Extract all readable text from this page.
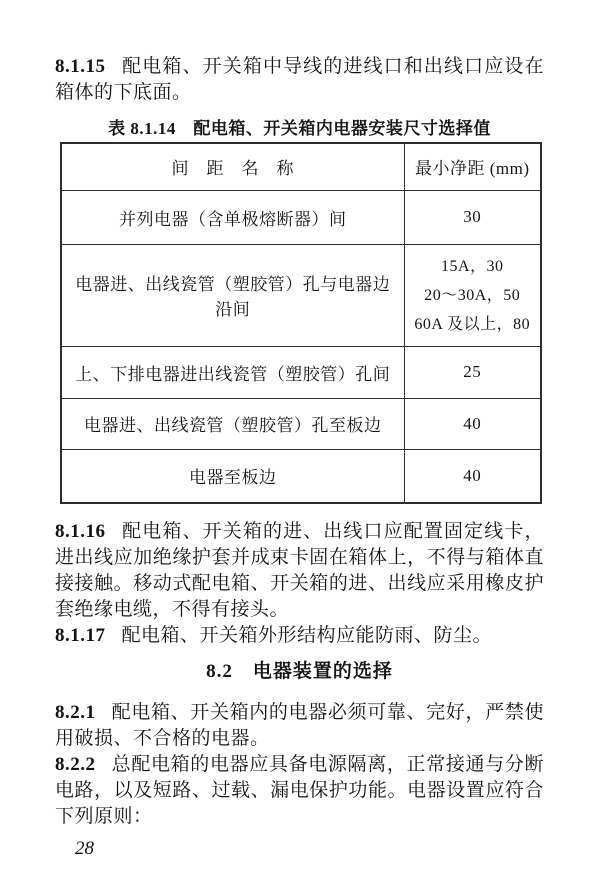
8.1.15 配电箱、开关箱中导线的进线口和出线口应设在箱体的下底面。

表 8.1.14　配电箱、开关箱内电器安装尺寸选择值
间　距　名　称	最小净距 (mm)
并列电器（含单极熔断器）间	30
电器进、出线瓷管（塑胶管）孔与电器边沿间	15A，30
20～30A，50
60A 及以上，80

上、下排电器进出线瓷管（塑胶管）孔间	25
电器进、出线瓷管（塑胶管）孔至板边	40
电器至板边	40

8.1.16 配电箱、开关箱的进、出线口应配置固定线卡，进出线应加绝缘护套并成束卡固在箱体上，不得与箱体直接接触。移动式配电箱、开关箱的进、出线应采用橡皮护套绝缘电缆，不得有接头。

8.1.17 配电箱、开关箱外形结构应能防雨、防尘。

8.2　电器装置的选择

8.2.1 配电箱、开关箱内的电器必须可靠、完好，严禁使用破损、不合格的电器。

8.2.2 总配电箱的电器应具备电源隔离，正常接通与分断电路，以及短路、过载、漏电保护功能。电器设置应符合下列原则：

28
